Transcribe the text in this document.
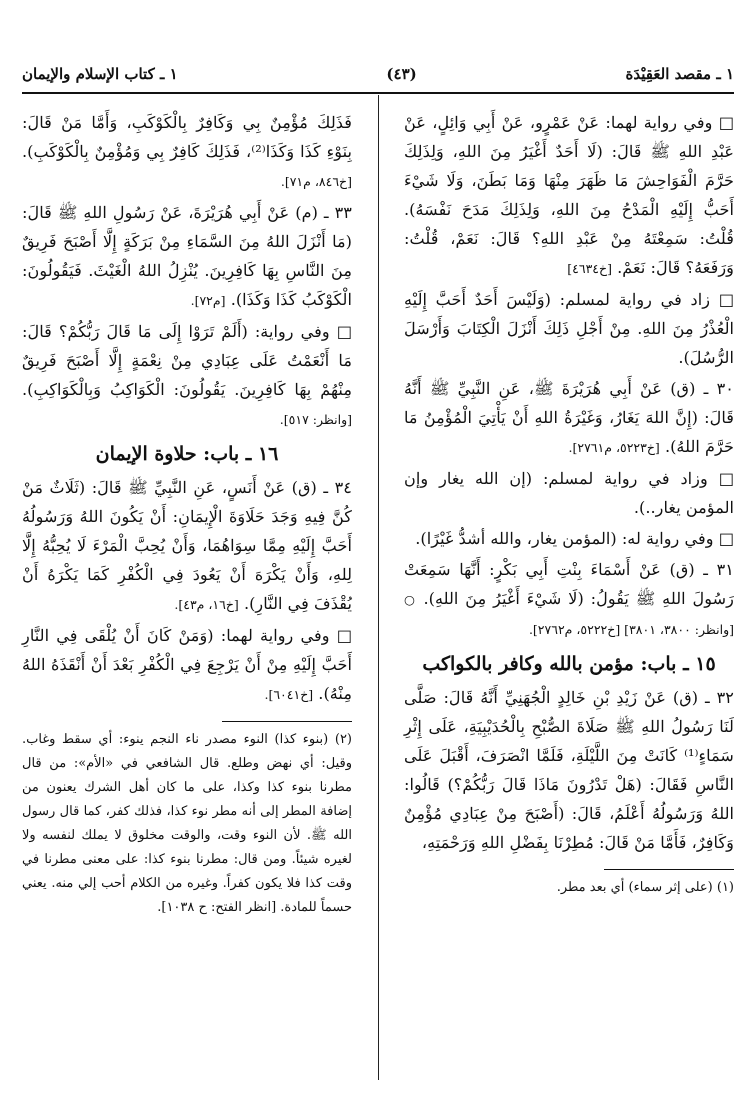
١ ـ مقصد العَقِيْدَة
(٤٣)
١ ـ كتاب الإسلام والإيمان

□ وفي رواية لهما: عَنْ عَمْرٍو، عَنْ أَبِي وَائِلٍ، عَنْ عَبْدِ اللهِ ﷺ قَالَ: (لَا أَحَدٌ أَغْيَرُ مِنَ اللهِ، وَلِذَلِكَ حَرَّمَ الْفَوَاحِشَ مَا ظَهَرَ مِنْهَا وَمَا بَطَنَ، وَلَا شَيْءَ أَحَبُّ إِلَيْهِ الْمَدْحُ مِنَ اللهِ، وَلِذَلِكَ مَدَحَ نَفْسَهُ). قُلْتُ: سَمِعْتَهُ مِنْ عَبْدِ اللهِ؟ قَالَ: نَعَمْ، قُلْتُ: وَرَفَعَهُ؟ قَالَ: نَعَمْ. [خ٤٦٣٤]

□ زاد في رواية لمسلم: (وَلَيْسَ أَحَدٌ أَحَبَّ إِلَيْهِ الْعُذْرُ مِنَ اللهِ. مِنْ أَجْلِ ذَلِكَ أَنْزَلَ الْكِتَابَ وَأَرْسَلَ الرُّسُلَ).

٣٠ ـ (ق) عَنْ أَبِي هُرَيْرَةَ ﷺ، عَنِ النَّبِيِّ ﷺ أَنَّهُ قَالَ: (إِنَّ اللهَ يَغَارُ، وَغَيْرَةُ اللهِ أَنْ يَأْتِيَ الْمُؤْمِنُ مَا حَرَّمَ اللهُ). [خ٥٢٢٣، م٢٧٦١].

□ وزاد في رواية لمسلم: (إن الله يغار وإن المؤمن يغار..).

□ وفي رواية له: (المؤمن يغار، والله أشدُّ غَيْرًا).

٣١ ـ (ق) عَنْ أَسْمَاءَ بِنْتِ أَبِي بَكْرٍ: أَنَّهَا سَمِعَتْ رَسُولَ اللهِ ﷺ يَقُولُ: (لَا شَيْءَ أَغْيَرُ مِنَ اللهِ). ○ [وانظر: ٣٨٠٠، ٣٨٠١] [خ٥٢٢٢، م٢٧٦٢].

١٥ ـ باب: مؤمن بالله وكافر بالكواكب

٣٢ ـ (ق) عَنْ زَيْدِ بْنِ خَالِدٍ الْجُهَنِيِّ أَنَّهُ قَالَ: صَلَّى لَنَا رَسُولُ اللهِ ﷺ صَلَاةَ الصُّبْحِ بِالْحُدَيْبِيَةِ، عَلَى إِثْرِ سَمَاءٍ⁽¹⁾ كَانَتْ مِنَ اللَّيْلَةِ، فَلَمَّا انْصَرَفَ، أَقْبَلَ عَلَى النَّاسِ فَقَالَ: (هَلْ تَدْرُونَ مَاذَا قَالَ رَبُّكُمْ؟) قَالُوا: اللهُ وَرَسُولُهُ أَعْلَمُ، قَالَ: (أَصْبَحَ مِنْ عِبَادِي مُؤْمِنٌ وَكَافِرٌ، فَأَمَّا مَنْ قَالَ: مُطِرْنَا بِفَضْلِ اللهِ وَرَحْمَتِهِ،

(١) (على إثر سماء) أي بعد مطر.

فَذَلِكَ مُؤْمِنٌ بِي وَكَافِرٌ بِالْكَوْكَبِ، وَأَمَّا مَنْ قَالَ: بِنَوْءِ كَذَا وَكَذَا⁽²⁾، فَذَلِكَ كَافِرٌ بِي وَمُؤْمِنٌ بِالْكَوْكَبِ). [خ٨٤٦، م٧١].

٣٣ ـ (م) عَنْ أَبِي هُرَيْرَةَ، عَنْ رَسُولِ اللهِ ﷺ قَالَ: (مَا أَنْزَلَ اللهُ مِنَ السَّمَاءِ مِنْ بَرَكَةٍ إِلَّا أَصْبَحَ فَرِيقٌ مِنَ النَّاسِ بِهَا كَافِرِينَ. يُنْزِلُ اللهُ الْغَيْثَ. فَيَقُولُونَ: الْكَوْكَبُ كَذَا وَكَذَا). [م٧٢].

□ وفي رواية: (أَلَمْ تَرَوْا إِلَى مَا قَالَ رَبُّكُمْ؟ قَالَ: مَا أَنْعَمْتُ عَلَى عِبَادِي مِنْ نِعْمَةٍ إِلَّا أَصْبَحَ فَرِيقٌ مِنْهُمْ بِهَا كَافِرِينَ. يَقُولُونَ: الْكَوَاكِبُ وَبِالْكَوَاكِبِ). [وانظر: ٥١٧].

١٦ ـ باب: حلاوة الإيمان

٣٤ ـ (ق) عَنْ أَنَسٍ، عَنِ النَّبِيِّ ﷺ قَالَ: (ثَلَاثٌ مَنْ كُنَّ فِيهِ وَجَدَ حَلَاوَةَ الْإِيمَانِ: أَنْ يَكُونَ اللهُ وَرَسُولُهُ أَحَبَّ إِلَيْهِ مِمَّا سِوَاهُمَا، وَأَنْ يُحِبَّ الْمَرْءَ لَا يُحِبُّهُ إِلَّا لِلهِ، وَأَنْ يَكْرَهَ أَنْ يَعُودَ فِي الْكُفْرِ كَمَا يَكْرَهُ أَنْ يُقْذَفَ فِي النَّارِ). [خ١٦، م٤٣].

□ وفي رواية لهما: (وَمَنْ كَانَ أَنْ يُلْقَى فِي النَّارِ أَحَبَّ إِلَيْهِ مِنْ أَنْ يَرْجِعَ فِي الْكُفْرِ بَعْدَ أَنْ أَنْقَذَهُ اللهُ مِنْهُ). [خ٦٠٤١].

(٢) (بنوء كذا) النوء مصدر ناء النجم ينوء: أي سقط وغاب. وقيل: أي نهض وطلع. قال الشافعي في «الأم»: من قال مطرنا بنوء كذا وكذا، على ما كان أهل الشرك يعنون من إضافة المطر إلى أنه مطر نوء كذا، فذلك كفر، كما قال رسول الله ﷺ. لأن النوء وقت، والوقت مخلوق لا يملك لنفسه ولا لغيره شيئاً. ومن قال: مطرنا بنوء كذا: على معنى مطرنا في وقت كذا فلا يكون كفراً. وغيره من الكلام أحب إلي منه. يعني حسماً للمادة. [انظر الفتح: ح ١٠٣٨].
